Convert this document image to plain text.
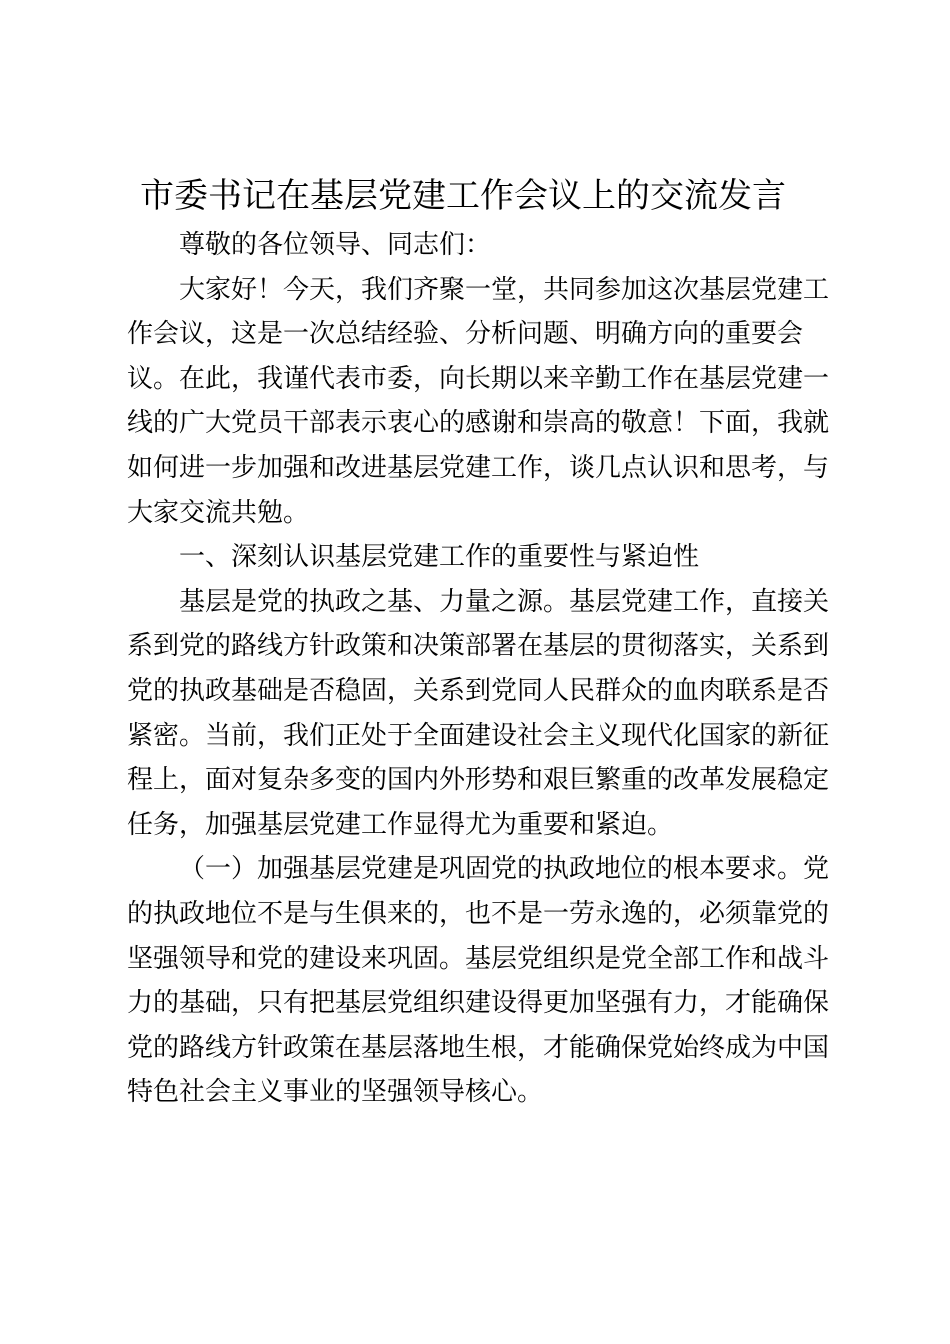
市委书记在基层党建工作会议上的交流发言
尊敬的各位领导、同志们：
大家好！今天，我们齐聚一堂，共同参加这次基层党建工
作会议，这是一次总结经验、分析问题、明确方向的重要会
议。在此，我谨代表市委，向长期以来辛勤工作在基层党建一
线的广大党员干部表示衷心的感谢和崇高的敬意！下面，我就
如何进一步加强和改进基层党建工作，谈几点认识和思考，与
大家交流共勉。
一、深刻认识基层党建工作的重要性与紧迫性
基层是党的执政之基、力量之源。基层党建工作，直接关
系到党的路线方针政策和决策部署在基层的贯彻落实，关系到
党的执政基础是否稳固，关系到党同人民群众的血肉联系是否
紧密。当前，我们正处于全面建设社会主义现代化国家的新征
程上，面对复杂多变的国内外形势和艰巨繁重的改革发展稳定
任务，加强基层党建工作显得尤为重要和紧迫。
（一）加强基层党建是巩固党的执政地位的根本要求。党
的执政地位不是与生俱来的，也不是一劳永逸的，必须靠党的
坚强领导和党的建设来巩固。基层党组织是党全部工作和战斗
力的基础，只有把基层党组织建设得更加坚强有力，才能确保
党的路线方针政策在基层落地生根，才能确保党始终成为中国
特色社会主义事业的坚强领导核心。
